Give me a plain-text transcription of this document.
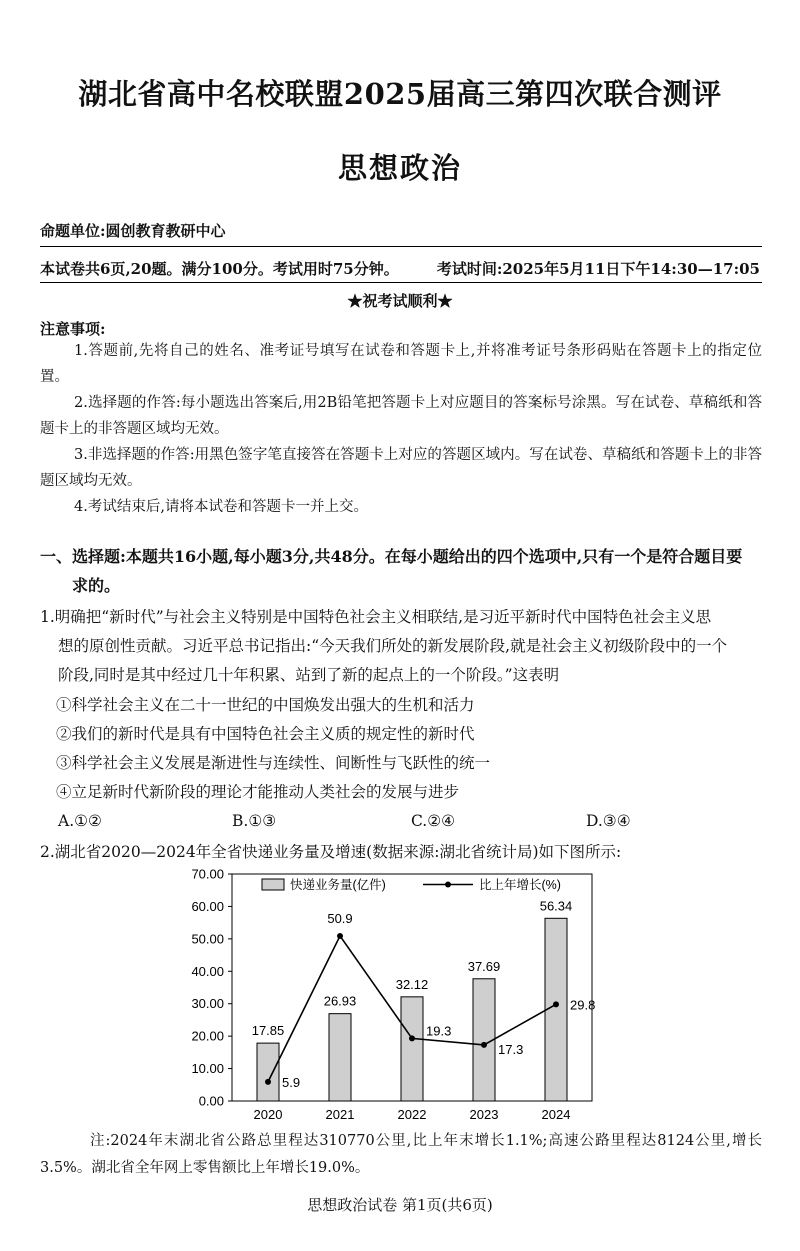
湖北省高中名校联盟2025届高三第四次联合测评
思想政治
命题单位:圆创教育教研中心
本试卷共6页,20题。满分100分。考试用时75分钟。	考试时间:2025年5月11日下午14:30—17:05
★祝考试顺利★
注意事项:
1.答题前,先将自己的姓名、准考证号填写在试卷和答题卡上,并将准考证号条形码贴在答题卡上的指定位置。
2.选择题的作答:每小题选出答案后,用2B铅笔把答题卡上对应题目的答案标号涂黑。写在试卷、草稿纸和答题卡上的非答题区域均无效。
3.非选择题的作答:用黑色签字笔直接答在答题卡上对应的答题区域内。写在试卷、草稿纸和答题卡上的非答题区域均无效。
4.考试结束后,请将本试卷和答题卡一并上交。
一、选择题:本题共16小题,每小题3分,共48分。在每小题给出的四个选项中,只有一个是符合题目要
求的。
1.明确把“新时代”与社会主义特别是中国特色社会主义相联结,是习近平新时代中国特色社会主义思
想的原创性贡献。习近平总书记指出:“今天我们所处的新发展阶段,就是社会主义初级阶段中的一个
阶段,同时是其中经过几十年积累、站到了新的起点上的一个阶段。”这表明
①科学社会主义在二十一世纪的中国焕发出强大的生机和活力
②我们的新时代是具有中国特色社会主义质的规定性的新时代
③科学社会主义发展是渐进性与连续性、间断性与飞跃性的统一
④立足新时代新阶段的理论才能推动人类社会的发展与进步
A.①②	B.①③	C.②④	D.③④
2.湖北省2020—2024年全省快递业务量及增速(数据来源:湖北省统计局)如下图所示:
0.00
10.00
20.00
30.00
40.00
50.00
60.00
70.00
2020	2021	2022	2023	2024
17.85
26.93
32.12
37.69
56.34
5.9
50.9
19.3
17.3
29.8
快递业务量(亿件)	比上年增长(%)
注:2024年末湖北省公路总里程达310770公里,比上年末增长1.1%;高速公路里程达8124公里,增长3.5%。湖北省全年网上零售额比上年增长19.0%。
思想政治试卷 第1页(共6页)
